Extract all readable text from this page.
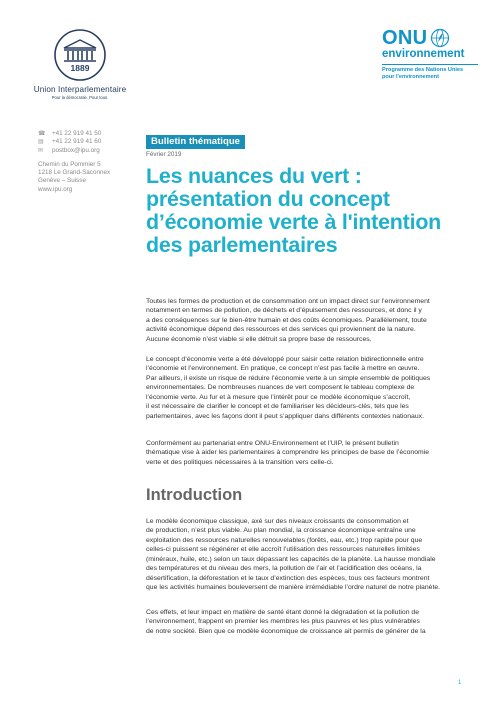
1889
Union Interparlementaire
Pour la démocratie. Pour tous.
ONU
environnement
Programme des Nations Unies
pour l'environnement
☎	+41 22 919 41 50
▤	+41 22 919 41 60
✉	postbox@ipu.org
Chemin du Pommier 5
1218 Le Grand-Saconnex
Genève – Suisse
www.ipu.org
Bulletin thématique
Février 2019
Les nuances du vert :
présentation du concept
d’économie verte à l'intention
des parlementaires
Toutes les formes de production et de consommation ont un impact direct sur l’environnement
notamment en termes de pollution, de déchets et d’épuisement des ressources, et donc il y
a des conséquences sur le bien-être humain et des coûts économiques. Parallèlement, toute
activité économique dépend des ressources et des services qui proviennent de la nature.
Aucune économie n’est viable si elle détruit sa propre base de ressources.
Le concept d’économie verte a été développé pour saisir cette relation bidirectionnelle entre
l’économie et l’environnement. En pratique, ce concept n’est pas facile à mettre en œuvre.
Par ailleurs, il existe un risque de réduire l’économie verte à un simple ensemble de politiques
environnementales. De nombreuses nuances de vert composent le tableau complexe de
l’économie verte. Au fur et à mesure que l’intérêt pour ce modèle économique s’accroît,
il est nécessaire de clarifier le concept et de familiariser les décideurs-clés, tels que les
parlementaires, avec les façons dont il peut s’appliquer dans différents contextes nationaux.
Conformément au partenariat entre ONU-Environnement et l’UIP, le présent bulletin
thématique vise à aider les parlementaires à comprendre les principes de base de l’économie
verte et des politiques nécessaires à la transition vers celle-ci.
Introduction
Le modèle économique classique, axé sur des niveaux croissants de consommation et
de production, n’est plus viable. Au plan mondial, la croissance économique entraîne une
exploitation des ressources naturelles renouvelables (forêts, eau, etc.) trop rapide pour que
celles-ci puissent se régénérer et elle accroît l’utilisation des ressources naturelles limitées
(minéraux, huile, etc.) selon un taux dépassant les capacités de la planète. La hausse mondiale
des températures et du niveau des mers, la pollution de l’air et l’acidification des océans, la
désertification, la déforestation et le taux d’extinction des espèces, tous ces facteurs montrent
que les activités humaines bouleversent de manière irrémédiable l’ordre naturel de notre planète.
Ces effets, et leur impact en matière de santé étant donné la dégradation et la pollution de
l’environnement, frappent en premier les membres les plus pauvres et les plus vulnérables
de notre société. Bien que ce modèle économique de croissance ait permis de générer de la
1
